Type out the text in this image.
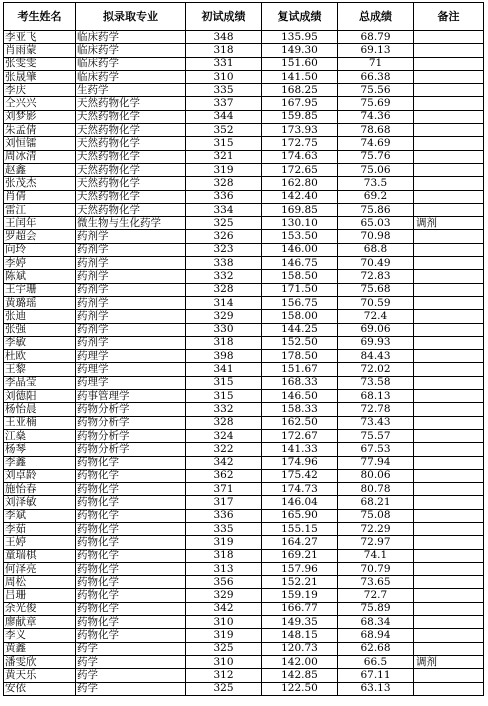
考生姓名	拟录取专业	初试成绩	复试成绩	总成绩	备注
李亚飞	临床药学	348	135.95	68.79	
肖雨蒙	临床药学	318	149.30	69.13	
张雯雯	临床药学	331	151.60	71	
张晟肇	临床药学	310	141.50	66.38	
李庆	生药学	335	168.25	75.56	
仝兴兴	天然药物化学	337	167.95	75.69	
刘梦影	天然药物化学	344	159.85	74.36	
朱孟倩	天然药物化学	352	173.93	78.68	
刘恒镭	天然药物化学	315	172.75	74.69	
周冰清	天然药物化学	321	174.63	75.76	
赵鑫	天然药物化学	319	172.65	75.06	
张茂杰	天然药物化学	328	162.80	73.5	
肖倩	天然药物化学	336	142.40	69.2	
雷江	天然药物化学	334	169.85	75.86	
王闰年	微生物与生化药学	325	130.10	65.03	调剂
罗超会	药剂学	326	153.50	70.98	
向玲	药剂学	323	146.00	68.8	
李婷	药剂学	338	146.75	70.49	
陈斌	药剂学	332	158.50	72.83	
王宇珊	药剂学	328	171.50	75.68	
黄璐瑶	药剂学	314	156.75	70.59	
张迪	药剂学	329	158.00	72.4	
张强	药剂学	330	144.25	69.06	
李敏	药剂学	318	152.50	69.93	
杜欧	药理学	398	178.50	84.43	
王黎	药理学	341	151.67	72.02	
李晶莹	药理学	315	168.33	73.58	
刘德阳	药事管理学	315	146.50	68.13	
杨怡晨	药物分析学	332	158.33	72.78	
王亚楠	药物分析学	328	162.50	73.43	
江燊	药物分析学	324	172.67	75.57	
杨琴	药物分析学	322	141.33	67.53	
李鑫	药物化学	342	174.96	77.94	
刘卓龄	药物化学	362	175.42	80.06	
施怡春	药物化学	371	174.73	80.78	
刘泽敏	药物化学	317	146.04	68.21	
李斌	药物化学	336	165.90	75.08	
李茹	药物化学	335	155.15	72.29	
王婷	药物化学	319	164.27	72.97	
童瑞棋	药物化学	318	169.21	74.1	
何泽亮	药物化学	313	157.96	70.79	
周松	药物化学	356	152.21	73.65	
吕珊	药物化学	329	159.19	72.7	
余光俊	药物化学	342	166.77	75.89	
廖献章	药物化学	310	149.35	68.34	
李义	药物化学	319	148.15	68.94	
黄鑫	药学	325	120.73	62.68	
潘雯欣	药学	310	142.00	66.5	调剂
黄天乐	药学	312	142.85	67.11	
安依	药学	325	122.50	63.13	
